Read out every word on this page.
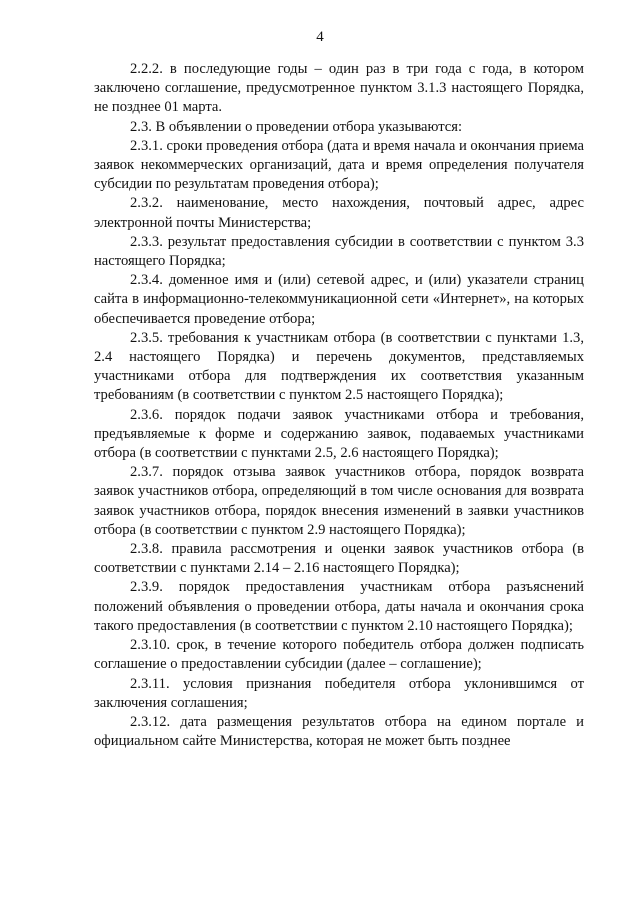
4

2.2.2. в последующие годы – один раз в три года с года, в котором заключено соглашение, предусмотренное пунктом 3.1.3 настоящего Порядка, не позднее 01 марта.

2.3. В объявлении о проведении отбора указываются:

2.3.1. сроки проведения отбора (дата и время начала и окончания приема заявок некоммерческих организаций, дата и время определения получателя субсидии по результатам проведения отбора);

2.3.2. наименование, место нахождения, почтовый адрес, адрес электронной почты Министерства;

2.3.3. результат предоставления субсидии в соответствии с пунктом 3.3 настоящего Порядка;

2.3.4. доменное имя и (или) сетевой адрес, и (или) указатели страниц сайта в информационно-телекоммуникационной сети «Интернет», на которых обеспечивается проведение отбора;

2.3.5. требования к участникам отбора (в соответствии с пунктами 1.3, 2.4 настоящего Порядка) и перечень документов, представляемых участниками отбора для подтверждения их соответствия указанным требованиям (в соответствии с пунктом 2.5 настоящего Порядка);

2.3.6. порядок подачи заявок участниками отбора и требования, предъявляемые к форме и содержанию заявок, подаваемых участниками отбора (в соответствии с пунктами 2.5, 2.6 настоящего Порядка);

2.3.7. порядок отзыва заявок участников отбора, порядок возврата заявок участников отбора, определяющий в том числе основания для возврата заявок участников отбора, порядок внесения изменений в заявки участников отбора (в соответствии с пунктом 2.9 настоящего Порядка);

2.3.8. правила рассмотрения и оценки заявок участников отбора (в соответствии с пунктами 2.14 – 2.16 настоящего Порядка);

2.3.9. порядок предоставления участникам отбора разъяснений положений объявления о проведении отбора, даты начала и окончания срока такого предоставления (в соответствии с пунктом 2.10 настоящего Порядка);

2.3.10. срок, в течение которого победитель отбора должен подписать соглашение о предоставлении субсидии (далее – соглашение);

2.3.11. условия признания победителя отбора уклонившимся от заключения соглашения;

2.3.12. дата размещения результатов отбора на едином портале и официальном сайте Министерства, которая не может быть позднее
